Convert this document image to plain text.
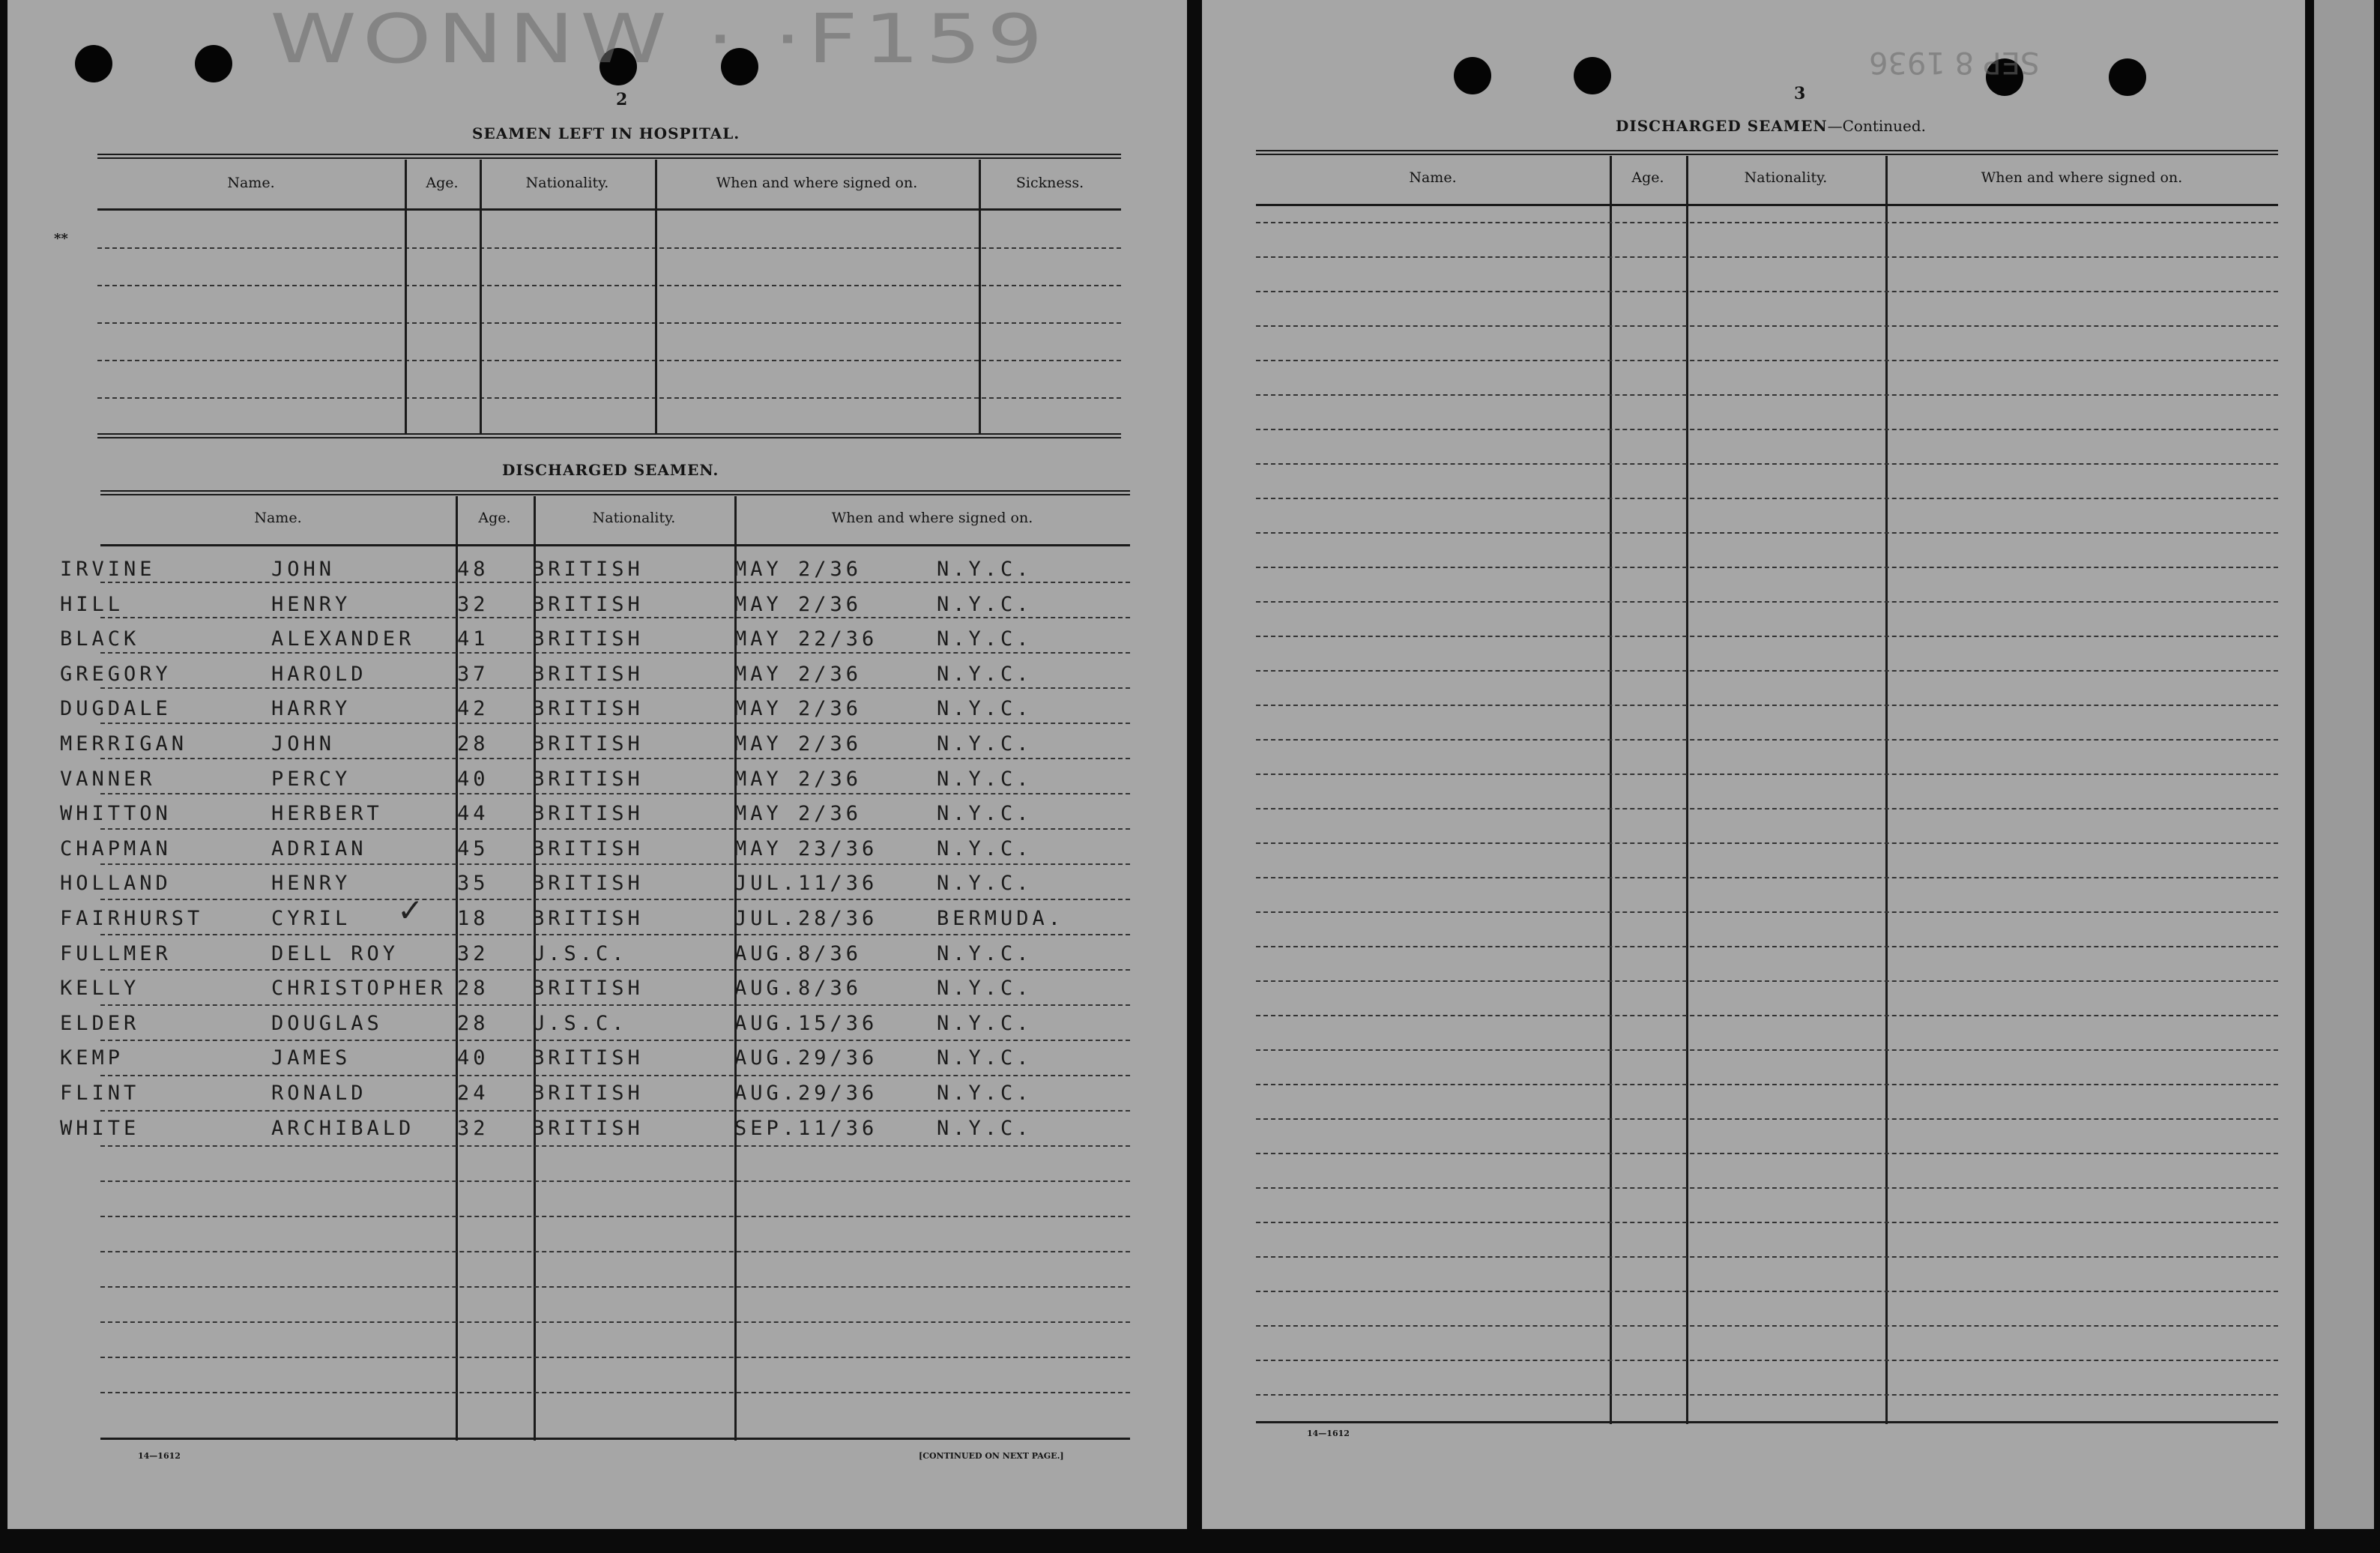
WONNW · ·F159
2
SEAMEN LEFT IN HOSPITAL.
Name.	Age.	Nationality.	When and where signed on.	Sickness.
**
DISCHARGED SEAMEN.
Name.	Age.	Nationality.	When and where signed on.
IRVINE	JOHN	48 BRITISH	MAY 2/36	N.Y.C.
HILL	HENRY	32 BRITISH	MAY 2/36	N.Y.C.
BLACK	ALEXANDER 41 BRITISH	MAY 22/36	N.Y.C.
GREGORY	HAROLD	37 BRITISH	MAY 2/36	N.Y.C.
DUGDALE	HARRY	42 BRITISH	MAY 2/36	N.Y.C.
MERRIGAN	JOHN	28 BRITISH	MAY 2/36	N.Y.C.
VANNER	PERCY	40 BRITISH	MAY 2/36	N.Y.C.
WHITTON	HERBERT	44 BRITISH	MAY 2/36	N.Y.C.
CHAPMAN	ADRIAN	45 BRITISH	MAY 23/36	N.Y.C.
HOLLAND	HENRY	35 BRITISH	JUL.11/36	N.Y.C.
FAIRHURST	CYRIL	18 BRITISH	JUL.28/36	BERMUDA.
✓
FULLMER	DELL ROY	32 U.S.C.	AUG.8/36	N.Y.C.
KELLY	CHRISTOPHER 28 BRITISH	AUG.8/36	N.Y.C.
ELDER	DOUGLAS	28 U.S.C.	AUG.15/36	N.Y.C.
KEMP	JAMES	40 BRITISH	AUG.29/36	N.Y.C.
FLINT	RONALD	24 BRITISH	AUG.29/36	N.Y.C.
WHITE	ARCHIBALD 32 BRITISH	SEP.11/36	N.Y.C.
14—1612	[CONTINUED ON NEXT PAGE.]
SEP 8 1936
3
DISCHARGED SEAMEN—Continued.
Name.	Age.	Nationality.	When and where signed on.
14—1612
